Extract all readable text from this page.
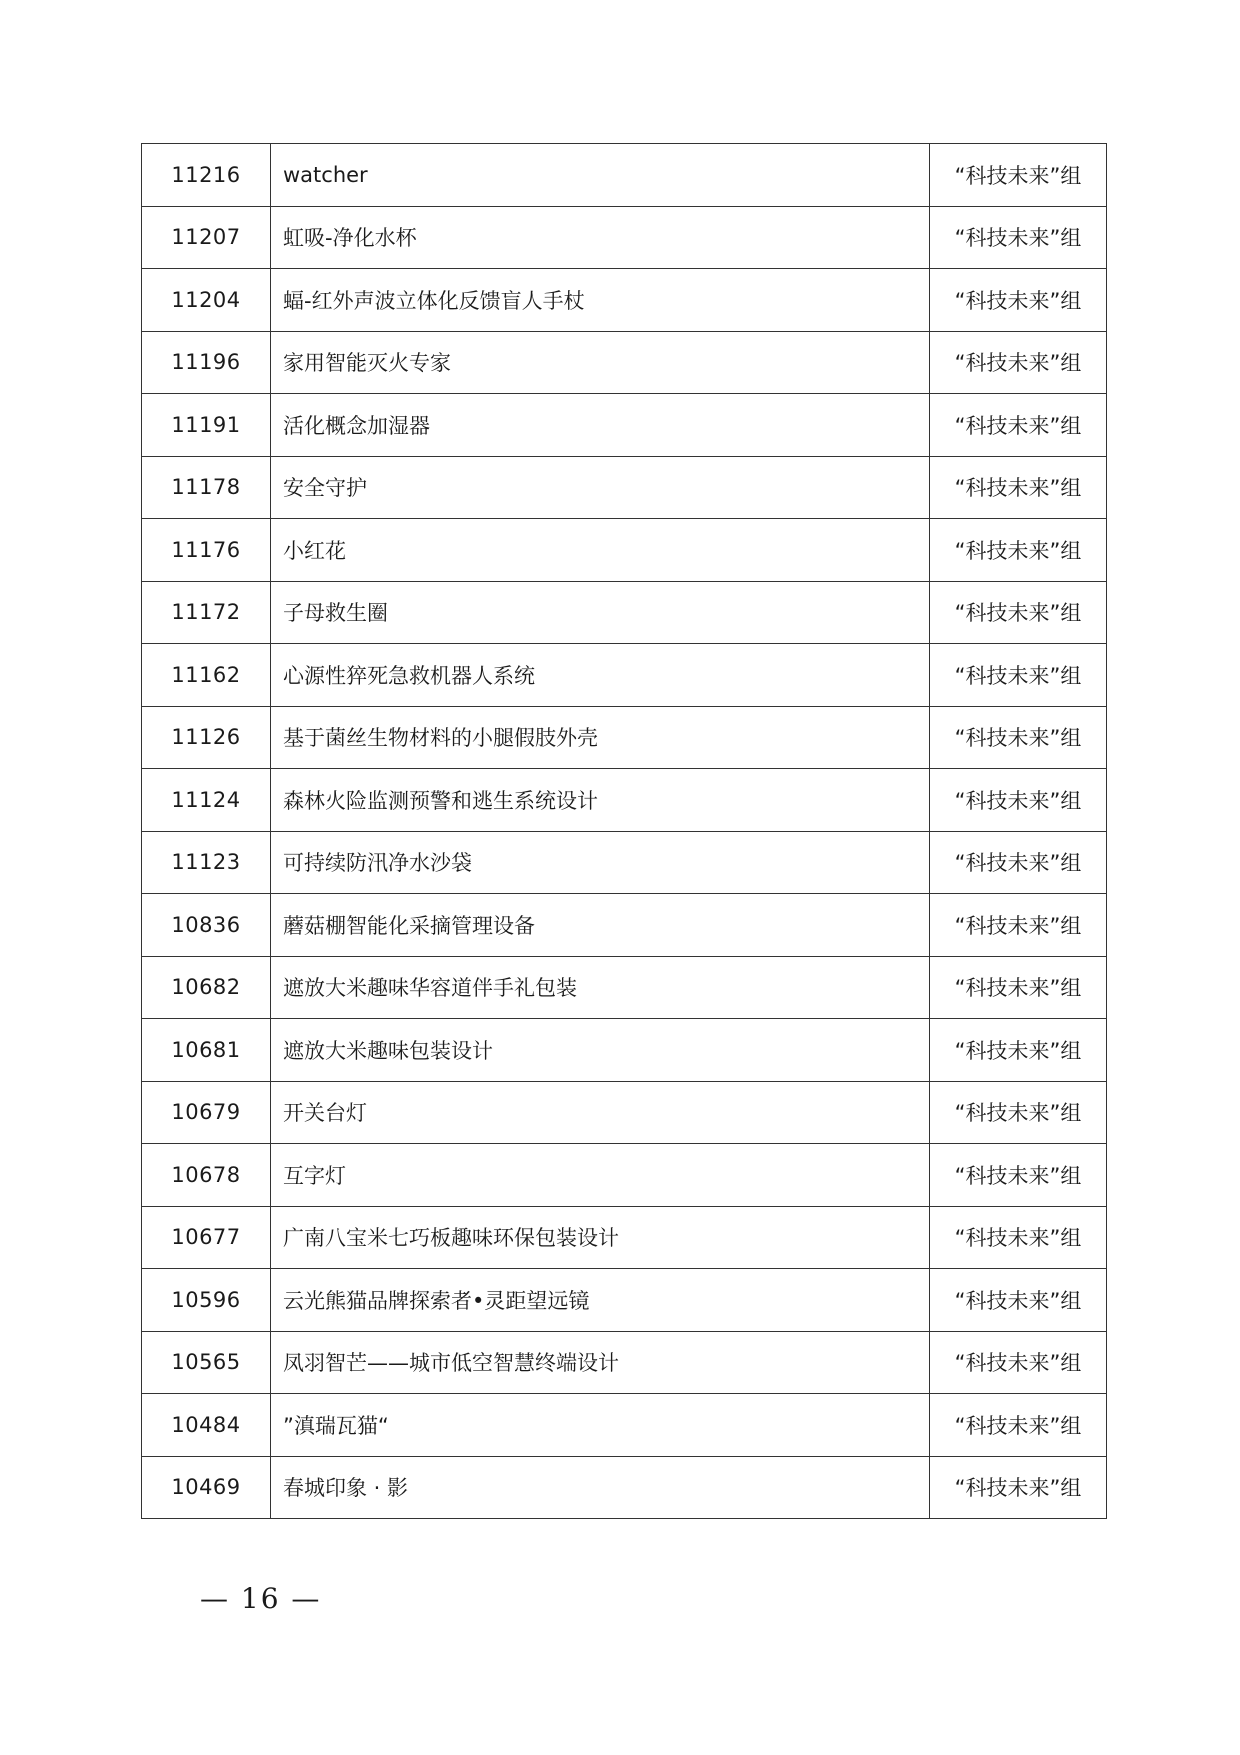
11216	watcher	“科技未来”组
11207	虹吸-净化水杯	“科技未来”组
11204	蝠-红外声波立体化反馈盲人手杖	“科技未来”组
11196	家用智能灭火专家	“科技未来”组
11191	活化概念加湿器	“科技未来”组
11178	安全守护	“科技未来”组
11176	小红花	“科技未来”组
11172	子母救生圈	“科技未来”组
11162	心源性猝死急救机器人系统	“科技未来”组
11126	基于菌丝生物材料的小腿假肢外壳	“科技未来”组
11124	森林火险监测预警和逃生系统设计	“科技未来”组
11123	可持续防汛净水沙袋	“科技未来”组
10836	蘑菇棚智能化采摘管理设备	“科技未来”组
10682	遮放大米趣味华容道伴手礼包装	“科技未来”组
10681	遮放大米趣味包装设计	“科技未来”组
10679	开关台灯	“科技未来”组
10678	互字灯	“科技未来”组
10677	广南八宝米七巧板趣味环保包装设计	“科技未来”组
10596	云光熊猫品牌探索者•灵距望远镜	“科技未来”组
10565	凤羽智芒——城市低空智慧终端设计	“科技未来”组
10484	”滇瑞瓦猫“	“科技未来”组
10469	春城印象 · 影	“科技未来”组
— 16 —
